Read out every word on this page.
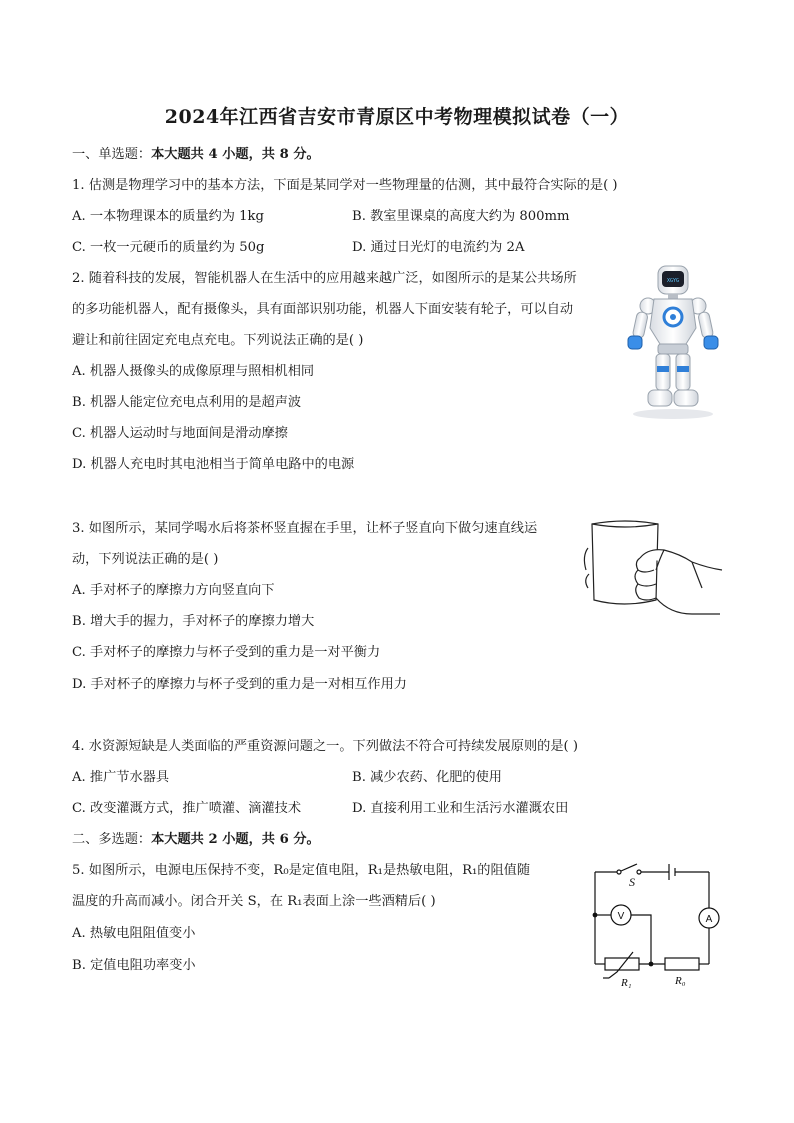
2024年江西省吉安市青原区中考物理模拟试卷（一）
一、单选题：本大题共 4 小题，共 8 分。
1. 估测是物理学习中的基本方法，下面是某同学对一些物理量的估测，其中最符合实际的是( )
A. 一本物理课本的质量约为 1kg	B. 教室里课桌的高度大约为 800mm
C. 一枚一元硬币的质量约为 50g	D. 通过日光灯的电流约为 2A
2. 随着科技的发展，智能机器人在生活中的应用越来越广泛，如图所示的是某公共场所
的多功能机器人，配有摄像头，具有面部识别功能，机器人下面安装有轮子，可以自动
避让和前往固定充电点充电。下列说法正确的是( )
A. 机器人摄像头的成像原理与照相机相同
B. 机器人能定位充电点利用的是超声波
C. 机器人运动时与地面间是滑动摩擦
D. 机器人充电时其电池相当于简单电路中的电源
XGYG
3. 如图所示，某同学喝水后将茶杯竖直握在手里，让杯子竖直向下做匀速直线运
动，下列说法正确的是( )
A. 手对杯子的摩擦力方向竖直向下
B. 增大手的握力，手对杯子的摩擦力增大
C. 手对杯子的摩擦力与杯子受到的重力是一对平衡力
D. 手对杯子的摩擦力与杯子受到的重力是一对相互作用力
4. 水资源短缺是人类面临的严重资源问题之一。下列做法不符合可持续发展原则的是( )
A. 推广节水器具	B. 减少农药、化肥的使用
C. 改变灌溉方式，推广喷灌、滴灌技术	D. 直接利用工业和生活污水灌溉农田
二、多选题：本大题共 2 小题，共 6 分。
5. 如图所示，电源电压保持不变，R₀是定值电阻，R₁是热敏电阻，R₁的阻值随
温度的升高而减小。闭合开关 S，在 R₁表面上涂一些酒精后( )
A. 热敏电阻阻值变小
B. 定值电阻功率变小
S
V	A
R₁	R₀
